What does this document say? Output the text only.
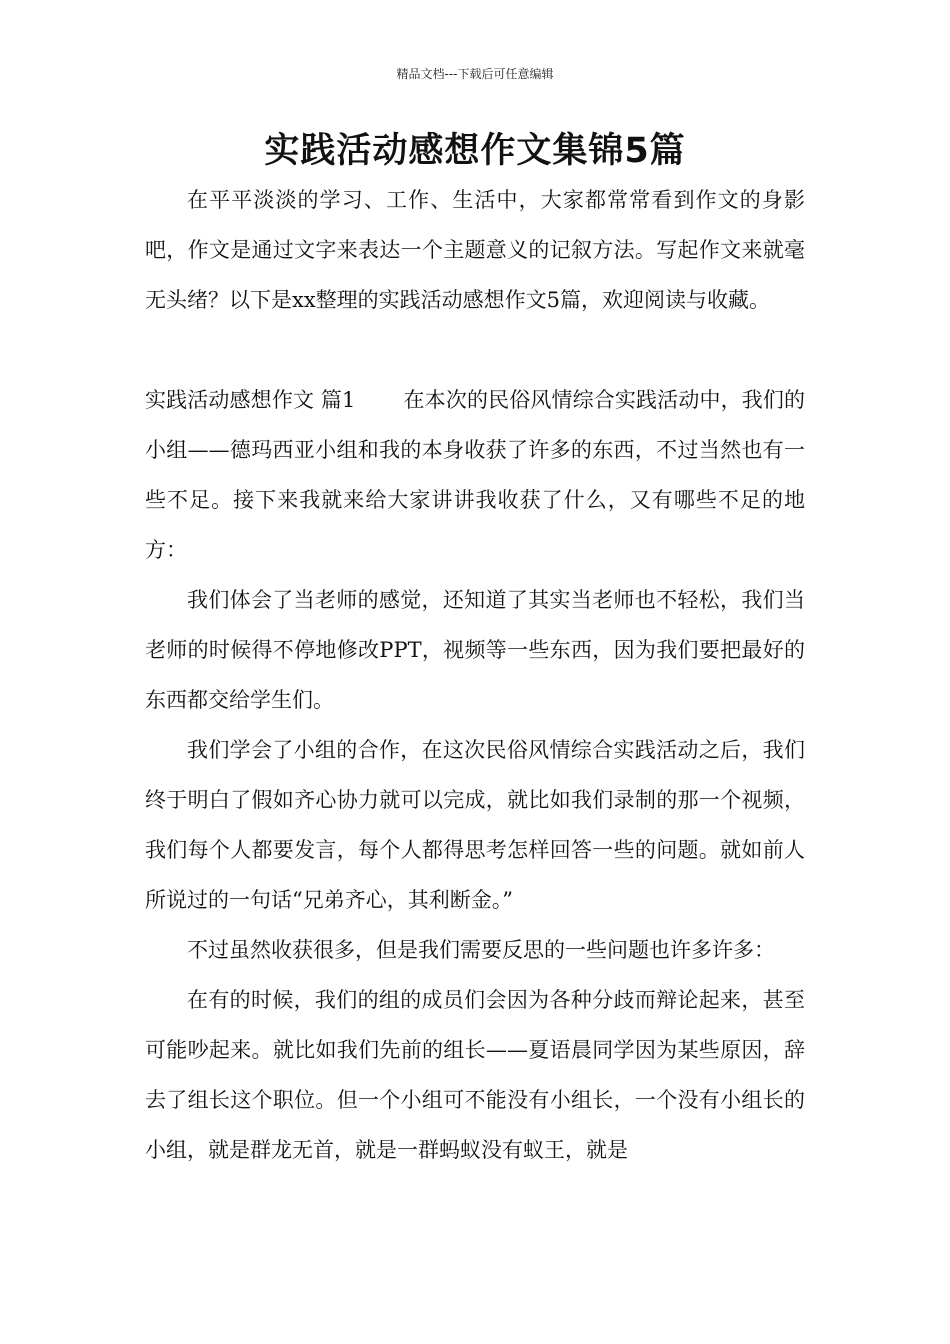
精品文档---下载后可任意编辑
实践活动感想作文集锦5篇

在平平淡淡的学习、工作、生活中，大家都常常看到作文的身影吧，作文是通过文字来表达一个主题意义的记叙方法。写起作文来就毫无头绪？以下是xx整理的实践活动感想作文5篇，欢迎阅读与收藏。

实践活动感想作文 篇1 在本次的民俗风情综合实践活动中，我们的小组——德玛西亚小组和我的本身收获了许多的东西，不过当然也有一些不足。接下来我就来给大家讲讲我收获了什么，又有哪些不足的地方：

我们体会了当老师的感觉，还知道了其实当老师也不轻松，我们当老师的时候得不停地修改PPT，视频等一些东西，因为我们要把最好的东西都交给学生们。

我们学会了小组的合作，在这次民俗风情综合实践活动之后，我们终于明白了假如齐心协力就可以完成，就比如我们录制的那一个视频，我们每个人都要发言，每个人都得思考怎样回答一些的问题。就如前人所说过的一句话“兄弟齐心，其利断金。”

不过虽然收获很多，但是我们需要反思的一些问题也许多许多：

在有的时候，我们的组的成员们会因为各种分歧而辩论起来，甚至可能吵起来。就比如我们先前的组长——夏语晨同学因为某些原因，辞去了组长这个职位。但一个小组可不能没有小组长，一个没有小组长的小组，就是群龙无首，就是一群蚂蚁没有蚁王，就是
